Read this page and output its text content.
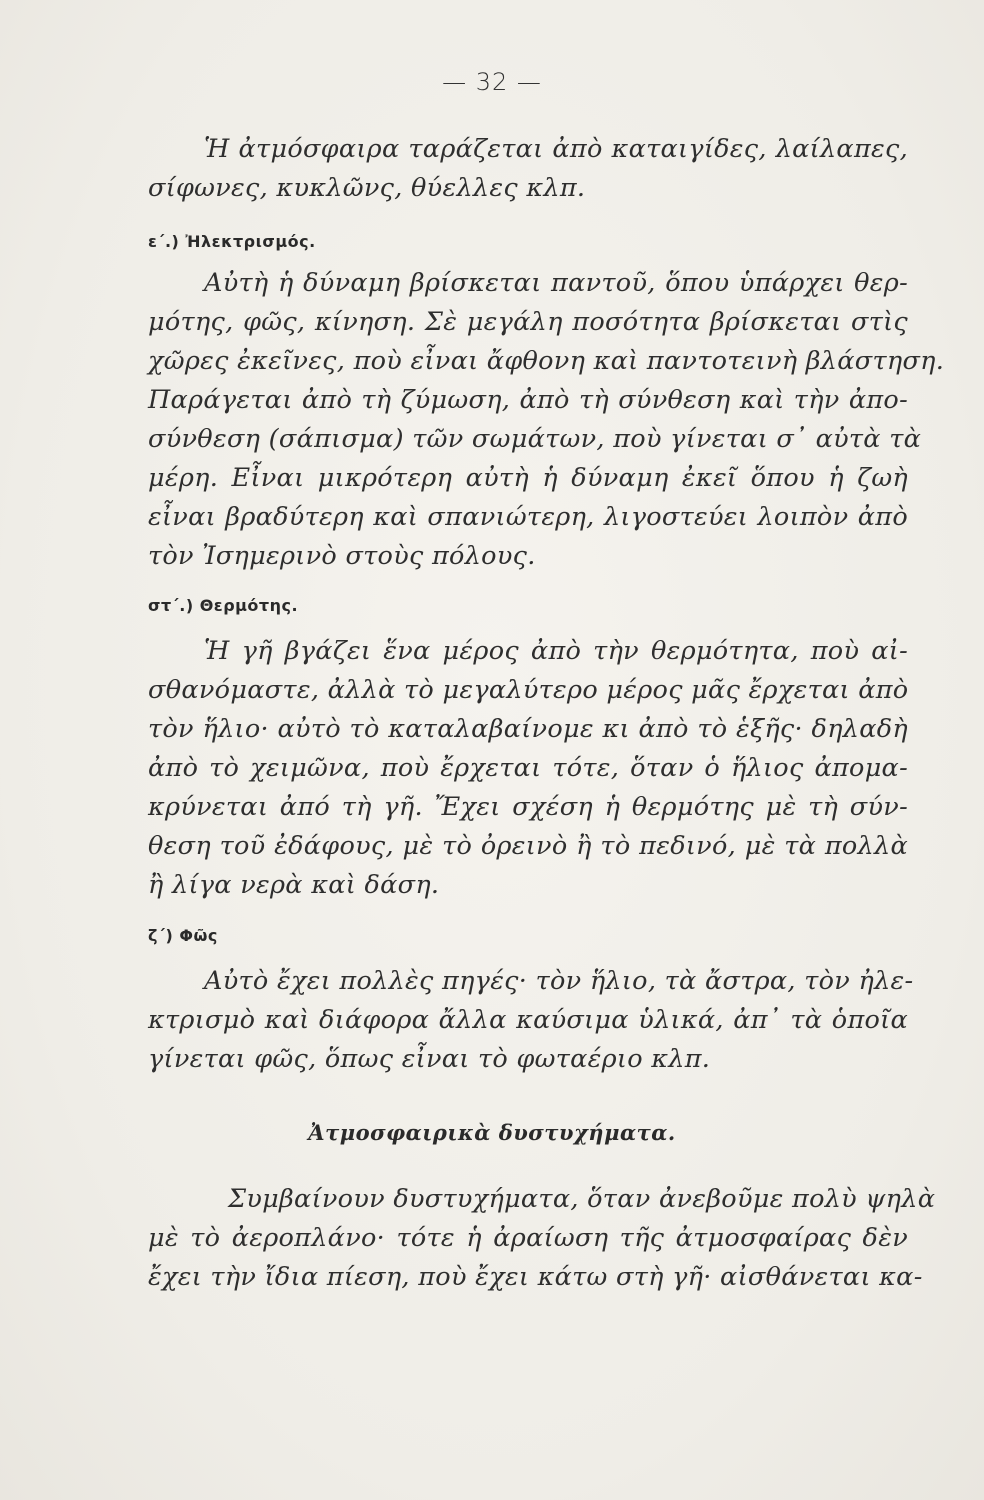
— 32 —
Ἡ ἀτμόσφαιρα ταράζεται ἀπὸ καταιγίδες, λαίλαπες,
σίφωνες, κυκλῶνς, θύελλες κλπ.
ε΄.) Ἠλεκτρισμός.
Αὐτὴ ἡ δύναμη βρίσκεται παντοῦ, ὅπου ὑπάρχει θερ-
μότης, φῶς, κίνηση. Σὲ μεγάλη ποσότητα βρίσκεται στὶς
χῶρες ἐκεῖνες, ποὺ εἶναι ἄφθονη καὶ παντοτεινὴ βλάστηση.
Παράγεται ἀπὸ τὴ ζύμωση, ἀπὸ τὴ σύνθεση καὶ τὴν ἀπο-
σύνθεση (σάπισμα) τῶν σωμάτων, ποὺ γίνεται σ᾽ αὐτὰ τὰ
μέρη. Εἶναι μικρότερη αὐτὴ ἡ δύναμη ἐκεῖ ὅπου ἡ ζωὴ
εἶναι βραδύτερη καὶ σπανιώτερη, λιγοστεύει λοιπὸν ἀπὸ
τὸν Ἰσημερινὸ στοὺς πόλους.
στ΄.) Θερμότης.
Ἡ γῆ βγάζει ἕνα μέρος ἀπὸ τὴν θερμότητα, ποὺ αἰ-
σθανόμαστε, ἀλλὰ τὸ μεγαλύτερο μέρος μᾶς ἔρχεται ἀπὸ
τὸν ἥλιο· αὐτὸ τὸ καταλαβαίνομε κι ἀπὸ τὸ ἑξῆς· δηλαδὴ
ἀπὸ τὸ χειμῶνα, ποὺ ἔρχεται τότε, ὅταν ὁ ἥλιος ἀπομα-
κρύνεται ἀπό τὴ γῆ. Ἔχει σχέση ἡ θερμότης μὲ τὴ σύν-
θεση τοῦ ἐδάφους, μὲ τὸ ὀρεινὸ ἢ τὸ πεδινό, μὲ τὰ πολλὰ
ἢ λίγα νερὰ καὶ δάση.
ζ΄) Φῶς
Αὐτὸ ἔχει πολλὲς πηγές· τὸν ἥλιο, τὰ ἄστρα, τὸν ἠλε-
κτρισμὸ καὶ διάφορα ἄλλα καύσιμα ὑλικά, ἀπ᾽ τὰ ὁποῖα
γίνεται φῶς, ὅπως εἶναι τὸ φωταέριο κλπ.
Ἀτμοσφαιρικὰ δυστυχήματα.
Συμβαίνουν δυστυχήματα, ὅταν ἀνεβοῦμε πολὺ ψηλὰ
μὲ τὸ ἀεροπλάνο· τότε ἡ ἀραίωση τῆς ἀτμοσφαίρας δὲν
ἔχει τὴν ἴδια πίεση, ποὺ ἔχει κάτω στὴ γῆ· αἰσθάνεται κα-
